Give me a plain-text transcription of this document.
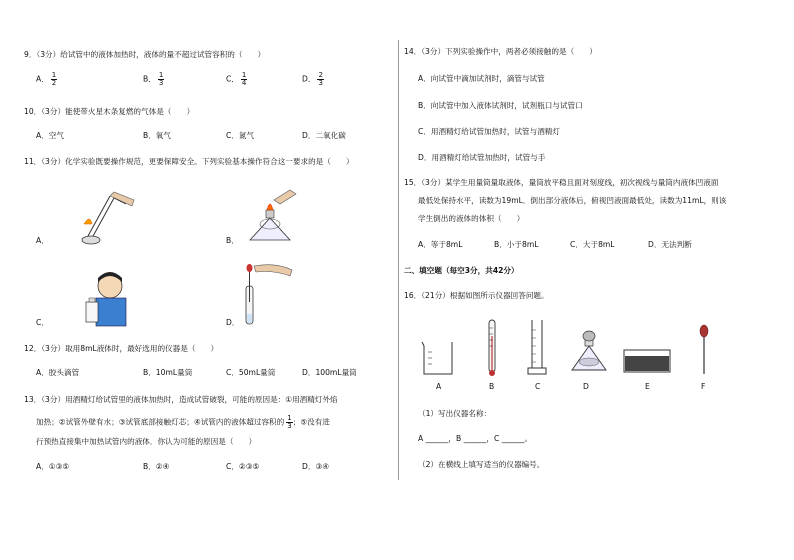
9．（3分）给试管中的液体加热时，液体的量不超过试管容积的（　　）
A． $\frac{1}{2}$	B． $\frac{1}{3}$	C． $\frac{1}{4}$	D． $\frac{2}{3}$
10．（3分）能使带火星木条复燃的气体是（　　）
A．空气	B．氧气	C．氮气	D．二氧化碳
11．（3分）化学实验既要操作规范，更要保障安全。下列实验基本操作符合这一要求的是（　　）
A．	B．
C．	D．
12．（3分）取用8mL液体时，最好选用的仪器是（　　）
A．胶头滴管	B．10mL量筒	C．50mL量筒	D．100mL量筒
13．（3分）用酒精灯给试管里的液体加热时，造成试管破裂，可能的原因是：①用酒精灯外焰
加热；②试管外壁有水；③试管底部接触灯芯；④试管内的液体超过容积的 $\frac{1}{3}$ ；⑤没有进
行预热直接集中加热试管内的液体．你认为可能的原因是（　　）
A．①③⑤	B．②④	C．②③⑤	D．③④
14．（3分）下列实验操作中，两者必须接触的是（　　）
A．向试管中滴加试剂时，滴管与试管
B．向试管中加入液体试剂时，试剂瓶口与试管口
C．用酒精灯给试管加热时，试管与酒精灯
D．用酒精灯给试管加热时，试管与手
15．（3分）某学生用量筒量取液体，量筒放平稳且面对刻度线，初次视线与量筒内液体凹液面
最低处保持水平，读数为19mL．倒出部分液体后，俯视凹液面最低处，读数为11mL，则该
学生倒出的液体的体积（　　）
A．等于8mL	B．小于8mL	C．大于8mL	D．无法判断
二、填空题（每空3分，共42分）
16．（21分）根据如图所示仪器回答问题。
A	B	C	D	E	F
（1）写出仪器名称：
A ______，B ______，C ______。
（2）在横线上填写适当的仪器编号。
